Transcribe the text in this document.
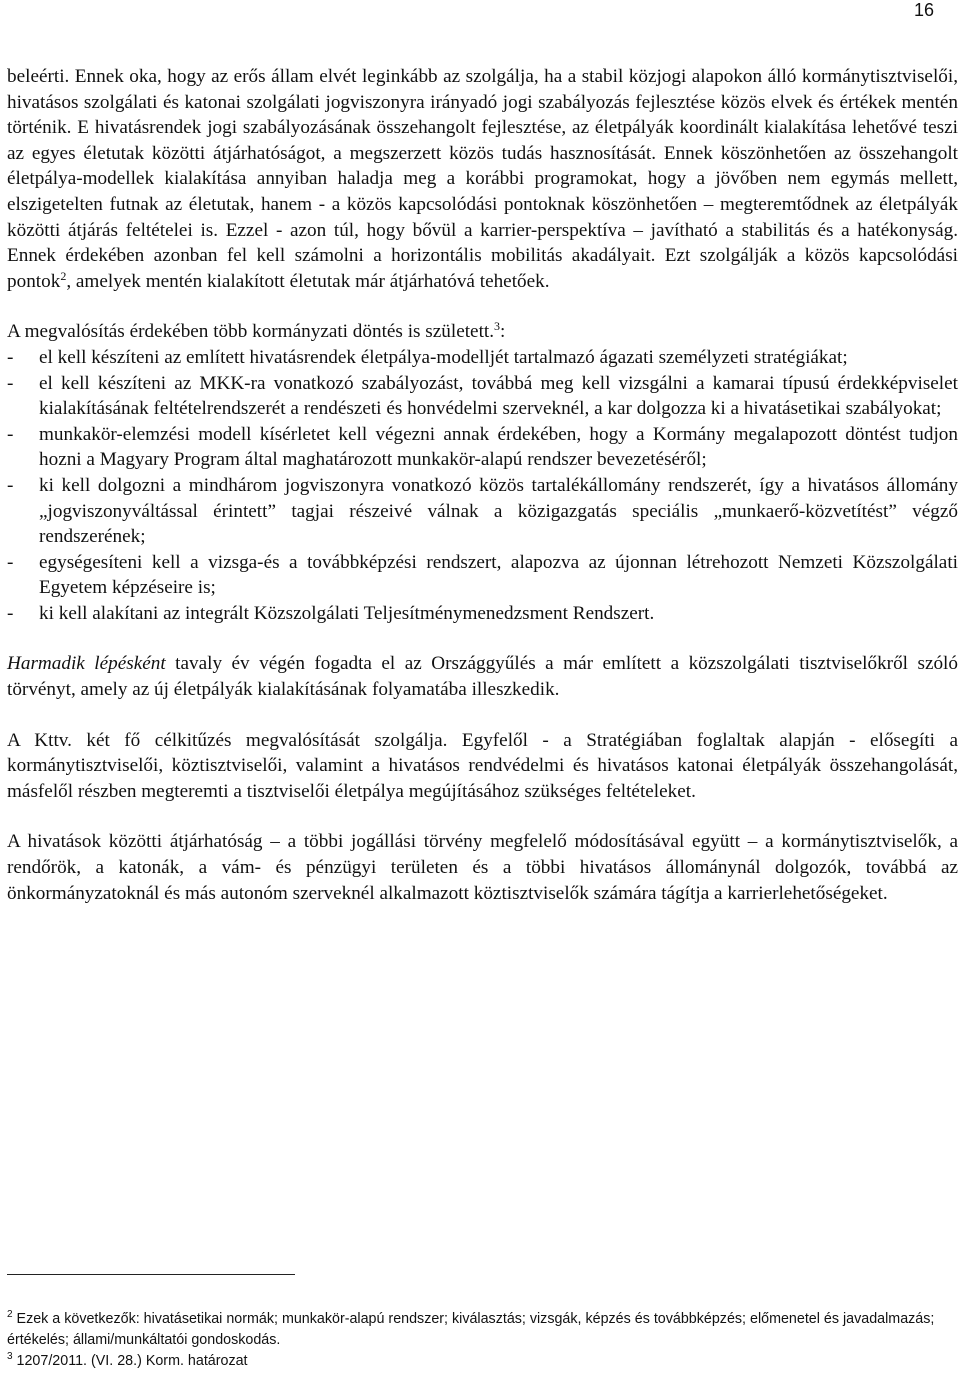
16

beleérti. Ennek oka, hogy az erős állam elvét leginkább az szolgálja, ha a stabil közjogi alapokon álló kormánytisztviselői, hivatásos szolgálati és katonai szolgálati jogviszonyra irányadó jogi szabályozás fejlesztése közös elvek és értékek mentén történik. E hivatásrendek jogi szabályozásának összehangolt fejlesztése, az életpályák koordinált kialakítása lehetővé teszi az egyes életutak közötti átjárhatóságot, a megszerzett közös tudás hasznosítását. Ennek köszönhetően az összehangolt életpálya-modellek kialakítása annyiban haladja meg a korábbi programokat, hogy a jövőben nem egymás mellett, elszigetelten futnak az életutak, hanem - a közös kapcsolódási pontoknak köszönhetően – megteremtődnek az életpályák közötti átjárás feltételei is. Ezzel - azon túl, hogy bővül a karrier-perspektíva – javítható a stabilitás és a hatékonyság. Ennek érdekében azonban fel kell számolni a horizontális mobilitás akadályait. Ezt szolgálják a közös kapcsolódási pontok$^2$, amelyek mentén kialakított életutak már átjárhatóvá tehetőek.

A megvalósítás érdekében több kormányzati döntés is született.$^3$:

- el kell készíteni az említett hivatásrendek életpálya-modelljét tartalmazó ágazati személyzeti stratégiákat;
- el kell készíteni az MKK-ra vonatkozó szabályozást, továbbá meg kell vizsgálni a kamarai típusú érdekképviselet kialakításának feltételrendszerét a rendészeti és honvédelmi szerveknél, a kar dolgozza ki a hivatásetikai szabályokat;
- munkakör-elemzési modell kísérletet kell végezni annak érdekében, hogy a Kormány megalapozott döntést tudjon hozni a Magyary Program által maghatározott munkakör-alapú rendszer bevezetéséről;
- ki kell dolgozni a mindhárom jogviszonyra vonatkozó közös tartalékállomány rendszerét, így a hivatásos állomány „jogviszonyváltással érintett” tagjai részeivé válnak a közigazgatás speciális „munkaerő-közvetítést” végző rendszerének;
- egységesíteni kell a vizsga-és a továbbképzési rendszert, alapozva az újonnan létrehozott Nemzeti Közszolgálati Egyetem képzéseire is;
- ki kell alakítani az integrált Közszolgálati Teljesítménymenedzsment Rendszert.

Harmadik lépésként tavaly év végén fogadta el az Országgyűlés a már említett a közszolgálati tisztviselőkről szóló törvényt, amely az új életpályák kialakításának folyamatába illeszkedik.

A Kttv. két fő célkitűzés megvalósítását szolgálja. Egyfelől - a Stratégiában foglaltak alapján - elősegíti a kormánytisztviselői, köztisztviselői, valamint a hivatásos rendvédelmi és hivatásos katonai életpályák összehangolását, másfelől részben megteremti a tisztviselői életpálya megújításához szükséges feltételeket.

A hivatások közötti átjárhatóság – a többi jogállási törvény megfelelő módosításával együtt – a kormánytisztviselők, a rendőrök, a katonák, a vám- és pénzügyi területen és a többi hivatásos állománynál dolgozók, továbbá az önkormányzatoknál és más autonóm szerveknél alkalmazott köztisztviselők számára tágítja a karrierlehetőségeket.

$^2$ Ezek a következők: hivatásetikai normák; munkakör-alapú rendszer; kiválasztás; vizsgák, képzés és továbbképzés; előmenetel és javadalmazás; értékelés; állami/munkáltatói gondoskodás.

$^3$ 1207/2011. (VI. 28.) Korm. határozat
